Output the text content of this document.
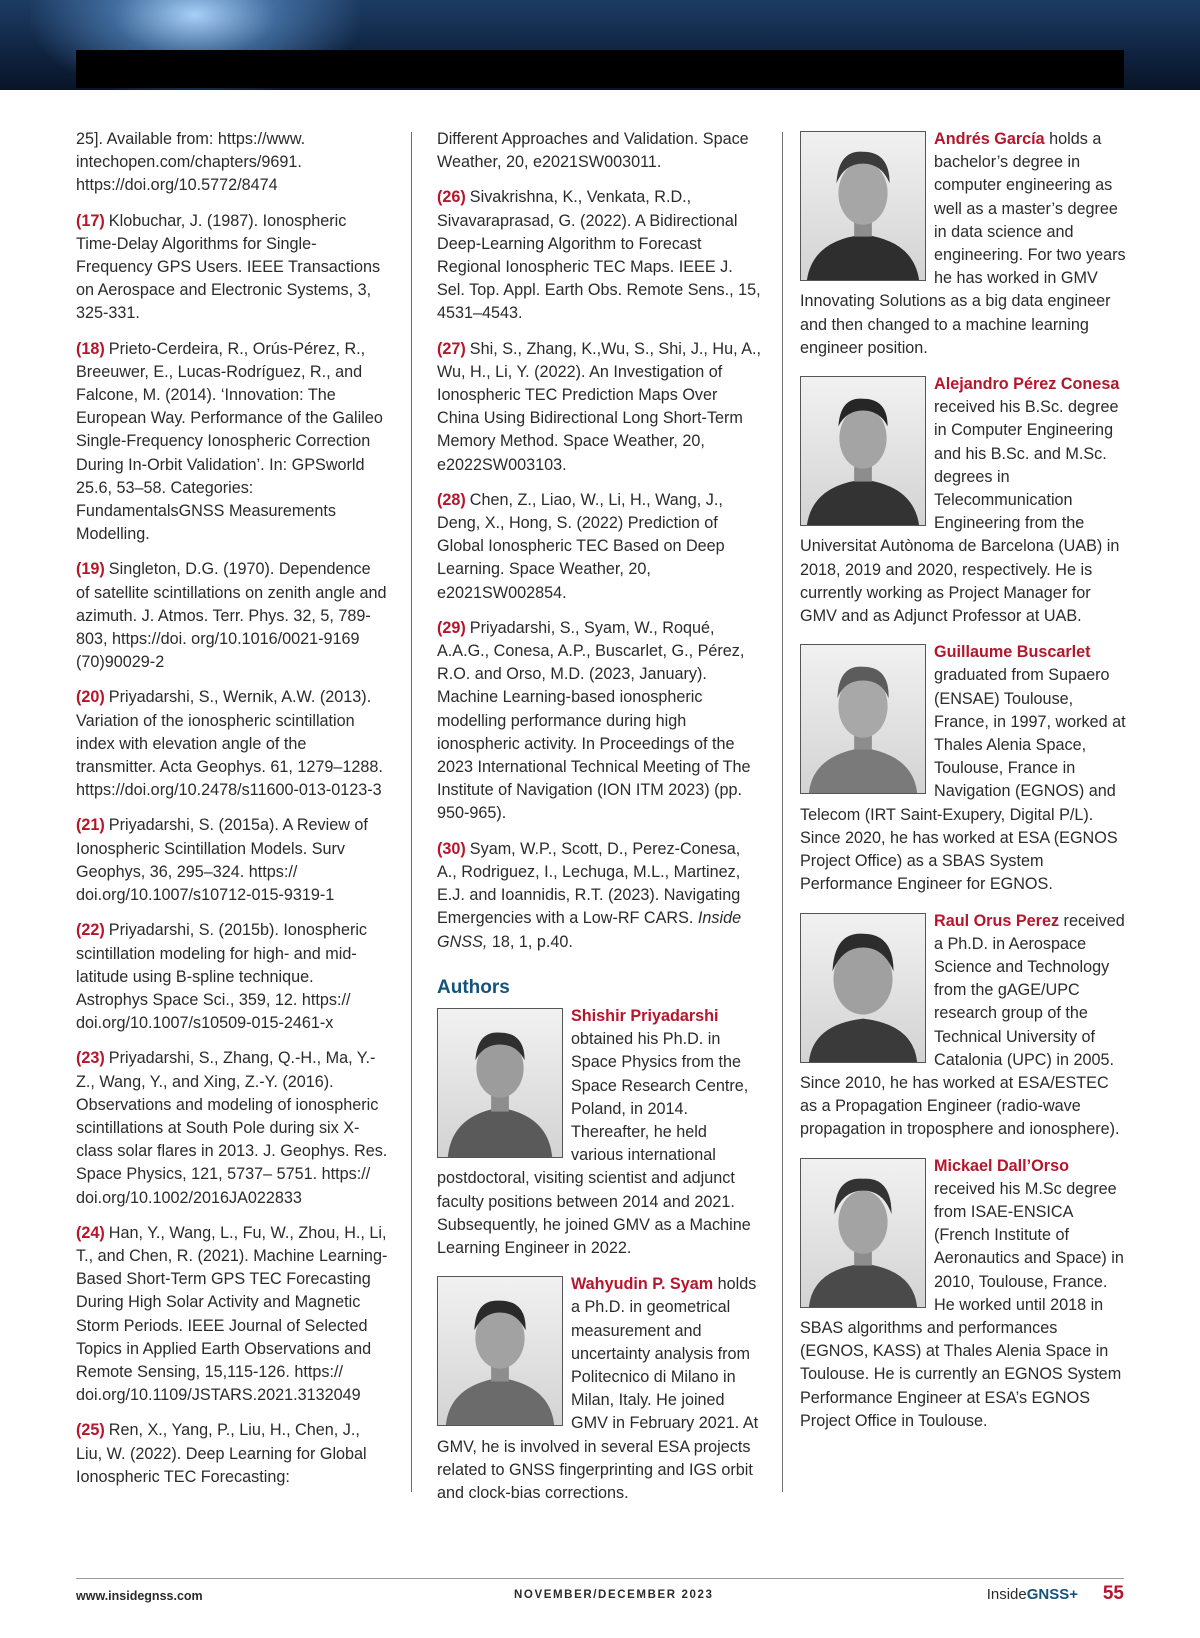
25]. Available from: https://www. intechopen.com/chapters/9691. https://doi.org/10.5772/8474

(17) Klobuchar, J. (1987). Ionospheric Time-Delay Algorithms for Single-Frequency GPS Users. IEEE Transactions on Aerospace and Electronic Systems, 3, 325-331.

(18) Prieto-Cerdeira, R., Orús-Pérez, R., Breeuwer, E., Lucas-Rodríguez, R., and Falcone, M. (2014). ‘Innovation: The European Way. Performance of the Galileo Single-Frequency Ionospheric Correction During In-Orbit Validation’. In: GPSworld 25.6, 53–58. Categories: FundamentalsGNSS Measurements Modelling.

(19) Singleton, D.G. (1970). Dependence of satellite scintillations on zenith angle and azimuth. J. Atmos. Terr. Phys. 32, 5, 789-803, https://doi. org/10.1016/0021-9169 (70)90029-2

(20) Priyadarshi, S., Wernik, A.W. (2013). Variation of the ionospheric scintillation index with elevation angle of the transmitter. Acta Geophys. 61, 1279–1288. https://doi.org/10.2478/s11600-013-0123-3

(21) Priyadarshi, S. (2015a). A Review of Ionospheric Scintillation Models. Surv Geophys, 36, 295–324. https:// doi.org/10.1007/s10712-015-9319-1

(22) Priyadarshi, S. (2015b). Ionospheric scintillation modeling for high- and mid-latitude using B-spline technique. Astrophys Space Sci., 359, 12. https:// doi.org/10.1007/s10509-015-2461-x

(23) Priyadarshi, S., Zhang, Q.-H., Ma, Y.-Z., Wang, Y., and Xing, Z.-Y. (2016). Observations and modeling of ionospheric scintillations at South Pole during six X-class solar flares in 2013. J. Geophys. Res. Space Physics, 121, 5737– 5751. https:// doi.org/10.1002/2016JA022833

(24) Han, Y., Wang, L., Fu, W., Zhou, H., Li, T., and Chen, R. (2021). Machine Learning-Based Short-Term GPS TEC Forecasting During High Solar Activity and Magnetic Storm Periods. IEEE Journal of Selected Topics in Applied Earth Observations and Remote Sensing, 15,115-126. https:// doi.org/10.1109/JSTARS.2021.3132049

(25) Ren, X., Yang, P., Liu, H., Chen, J., Liu, W. (2022). Deep Learning for Global Ionospheric TEC Forecasting:

Different Approaches and Validation. Space Weather, 20, e2021SW003011.

(26) Sivakrishna, K., Venkata, R.D., Sivavaraprasad, G. (2022). A Bidirectional Deep-Learning Algorithm to Forecast Regional Ionospheric TEC Maps. IEEE J. Sel. Top. Appl. Earth Obs. Remote Sens., 15, 4531–4543.

(27) Shi, S., Zhang, K.,Wu, S., Shi, J., Hu, A., Wu, H., Li, Y. (2022). An Investigation of Ionospheric TEC Prediction Maps Over China Using Bidirectional Long Short-Term Memory Method. Space Weather, 20, e2022SW003103.

(28) Chen, Z., Liao, W., Li, H., Wang, J., Deng, X., Hong, S. (2022) Prediction of Global Ionospheric TEC Based on Deep Learning. Space Weather, 20, e2021SW002854.

(29) Priyadarshi, S., Syam, W., Roqué, A.A.G., Conesa, A.P., Buscarlet, G., Pérez, R.O. and Orso, M.D. (2023, January). Machine Learning-based ionospheric modelling performance during high ionospheric activity. In Proceedings of the 2023 International Technical Meeting of The Institute of Navigation (ION ITM 2023) (pp. 950-965).

(30) Syam, W.P., Scott, D., Perez-Conesa, A., Rodriguez, I., Lechuga, M.L., Martinez, E.J. and Ioannidis, R.T. (2023). Navigating Emergencies with a Low-RF CARS. Inside GNSS, 18, 1, p.40.

Authors
Shishir Priyadarshi obtained his Ph.D. in Space Physics from the Space Research Centre, Poland, in 2014. Thereafter, he held various international postdoctoral, visiting scientist and adjunct faculty positions between 2014 and 2021. Subsequently, he joined GMV as a Machine Learning Engineer in 2022.
Wahyudin P. Syam holds a Ph.D. in geometrical measurement and uncertainty analysis from Politecnico di Milano in Milan, Italy. He joined GMV in February 2021. At GMV, he is involved in several ESA projects related to GNSS fingerprinting and IGS orbit and clock-bias corrections.
Andrés García holds a bachelor’s degree in computer engineering as well as a master’s degree in data science and engineering. For two years he has worked in GMV Innovating Solutions as a big data engineer and then changed to a machine learning engineer position.
Alejandro Pérez Conesa received his B.Sc. degree in Computer Engineering and his B.Sc. and M.Sc. degrees in Telecommunication Engineering from the Universitat Autònoma de Barcelona (UAB) in 2018, 2019 and 2020, respectively. He is currently working as Project Manager for GMV and as Adjunct Professor at UAB.
Guillaume Buscarlet graduated from Supaero (ENSAE) Toulouse, France, in 1997, worked at Thales Alenia Space, Toulouse, France in Navigation (EGNOS) and Telecom (IRT Saint-Exupery, Digital P/L). Since 2020, he has worked at ESA (EGNOS Project Office) as a SBAS System Performance Engineer for EGNOS.
Raul Orus Perez received a Ph.D. in Aerospace Science and Technology from the gAGE/UPC research group of the Technical University of Catalonia (UPC) in 2005. Since 2010, he has worked at ESA/ESTEC as a Propagation Engineer (radio-wave propagation in troposphere and ionosphere).
Mickael Dall’Orso received his M.Sc degree from ISAE-ENSICA (French Institute of Aeronautics and Space) in 2010, Toulouse, France. He worked until 2018 in SBAS algorithms and performances (EGNOS, KASS) at Thales Alenia Space in Toulouse. He is currently an EGNOS System Performance Engineer at ESA’s EGNOS Project Office in Toulouse.
www.insidegnss.com	NOVEMBER/DECEMBER 2023	InsideGNSS+ 55
